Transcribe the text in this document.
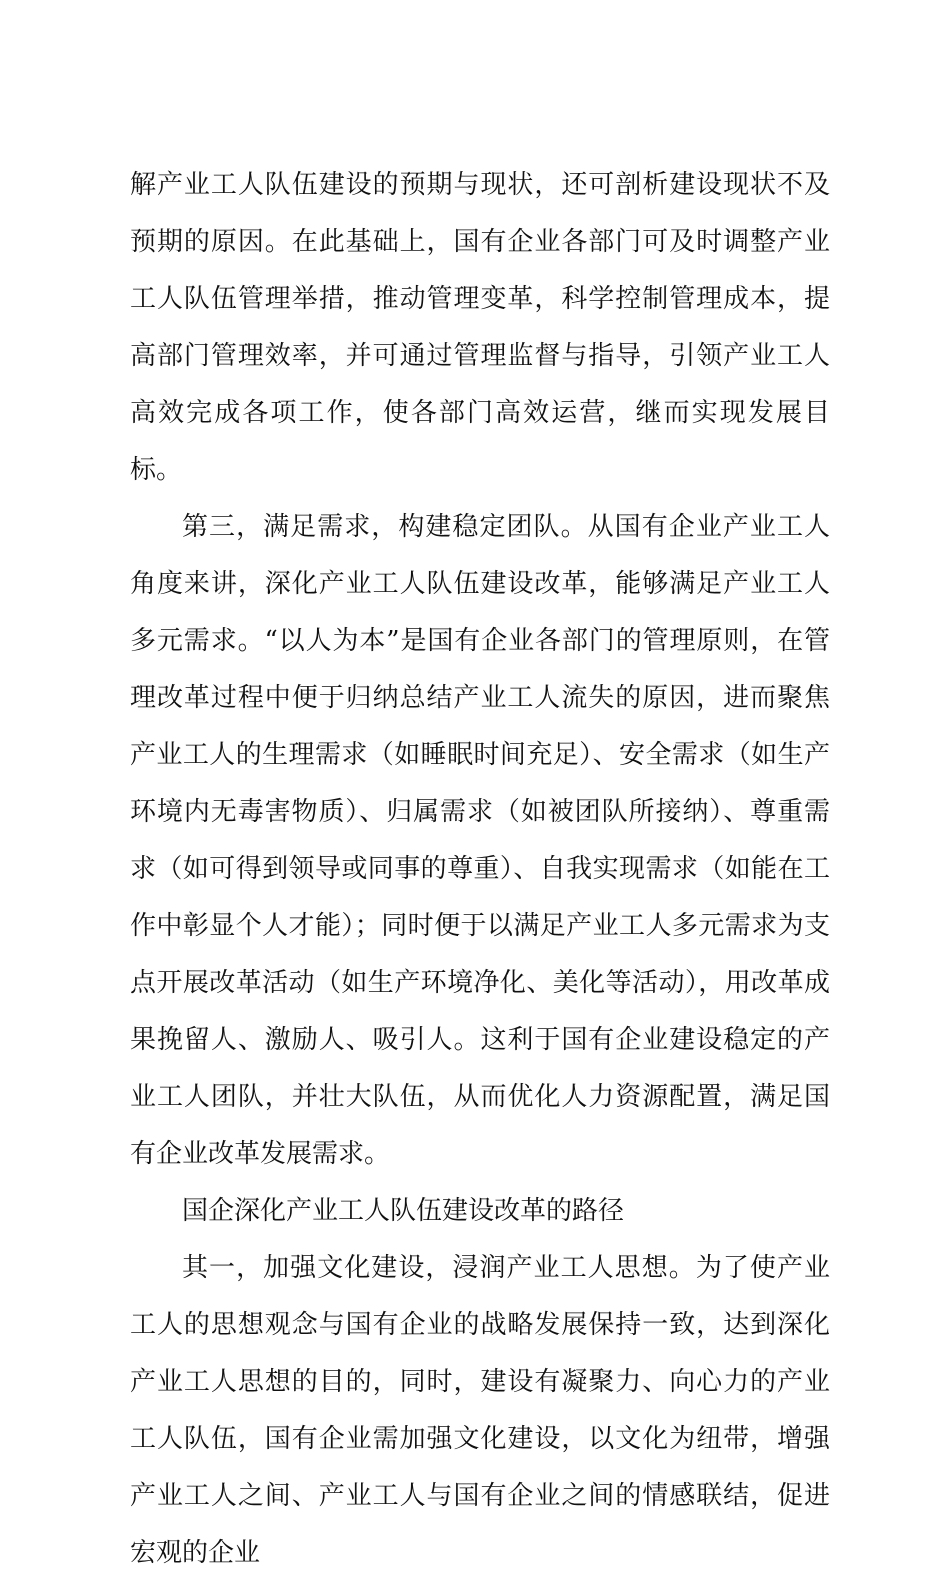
解产业工人队伍建设的预期与现状，还可剖析建设现状不及预期的原因。在此基础上，国有企业各部门可及时调整产业工人队伍管理举措，推动管理变革，科学控制管理成本，提高部门管理效率，并可通过管理监督与指导，引领产业工人高效完成各项工作，使各部门高效运营，继而实现发展目标。

第三，满足需求，构建稳定团队。从国有企业产业工人角度来讲，深化产业工人队伍建设改革，能够满足产业工人多元需求。“以人为本”是国有企业各部门的管理原则，在管理改革过程中便于归纳总结产业工人流失的原因，进而聚焦产业工人的生理需求（如睡眠时间充足）、安全需求（如生产环境内无毒害物质）、归属需求（如被团队所接纳）、尊重需求（如可得到领导或同事的尊重）、自我实现需求（如能在工作中彰显个人才能）；同时便于以满足产业工人多元需求为支点开展改革活动（如生产环境净化、美化等活动），用改革成果挽留人、激励人、吸引人。这利于国有企业建设稳定的产业工人团队，并壮大队伍，从而优化人力资源配置，满足国有企业改革发展需求。

国企深化产业工人队伍建设改革的路径

其一，加强文化建设，浸润产业工人思想。为了使产业工人的思想观念与国有企业的战略发展保持一致，达到深化产业工人思想的目的，同时，建设有凝聚力、向心力的产业工人队伍，国有企业需加强文化建设，以文化为纽带，增强产业工人之间、产业工人与国有企业之间的情感联结，促进宏观的企业
